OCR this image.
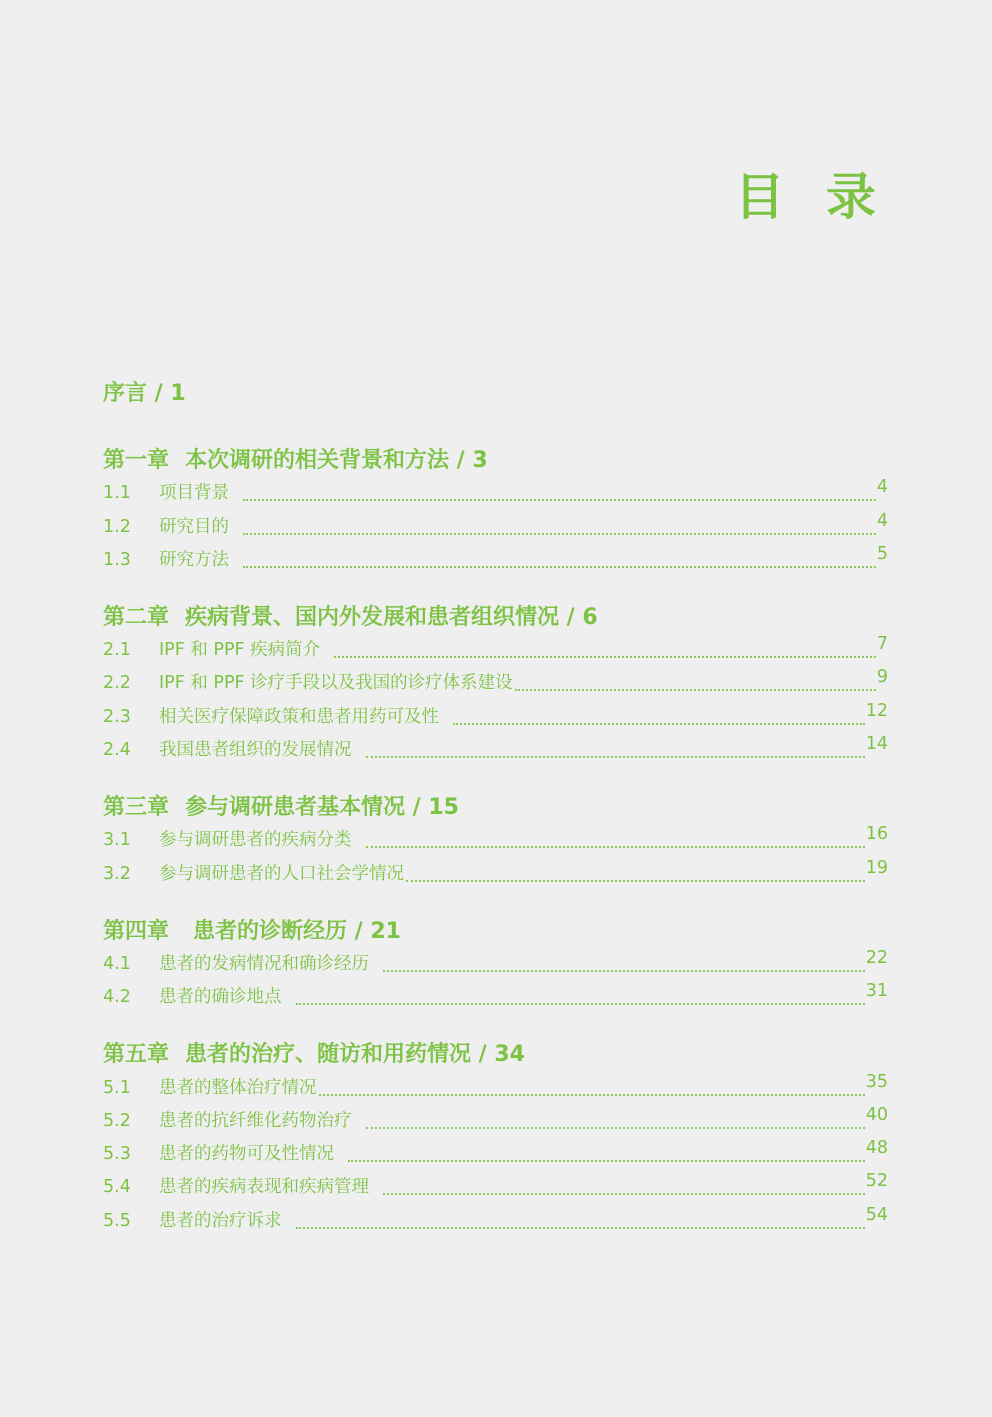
目 录
序言 / 1
第一章 本次调研的相关背景和方法 / 3
1.1	项目背景	4
1.2	研究目的	4
1.3	研究方法	5
第二章 疾病背景、国内外发展和患者组织情况 / 6
2.1	IPF 和 PPF 疾病简介	7
2.2	IPF 和 PPF 诊疗手段以及我国的诊疗体系建设	9
2.3	相关医疗保障政策和患者用药可及性	12
2.4	我国患者组织的发展情况	14
第三章 参与调研患者基本情况 / 15
3.1	参与调研患者的疾病分类	16
3.2	参与调研患者的人口社会学情况	19
第四章 患者的诊断经历 / 21
4.1	患者的发病情况和确诊经历	22
4.2	患者的确诊地点	31
第五章 患者的治疗、随访和用药情况 / 34
5.1	患者的整体治疗情况	35
5.2	患者的抗纤维化药物治疗	40
5.3	患者的药物可及性情况	48
5.4	患者的疾病表现和疾病管理	52
5.5	患者的治疗诉求	54
